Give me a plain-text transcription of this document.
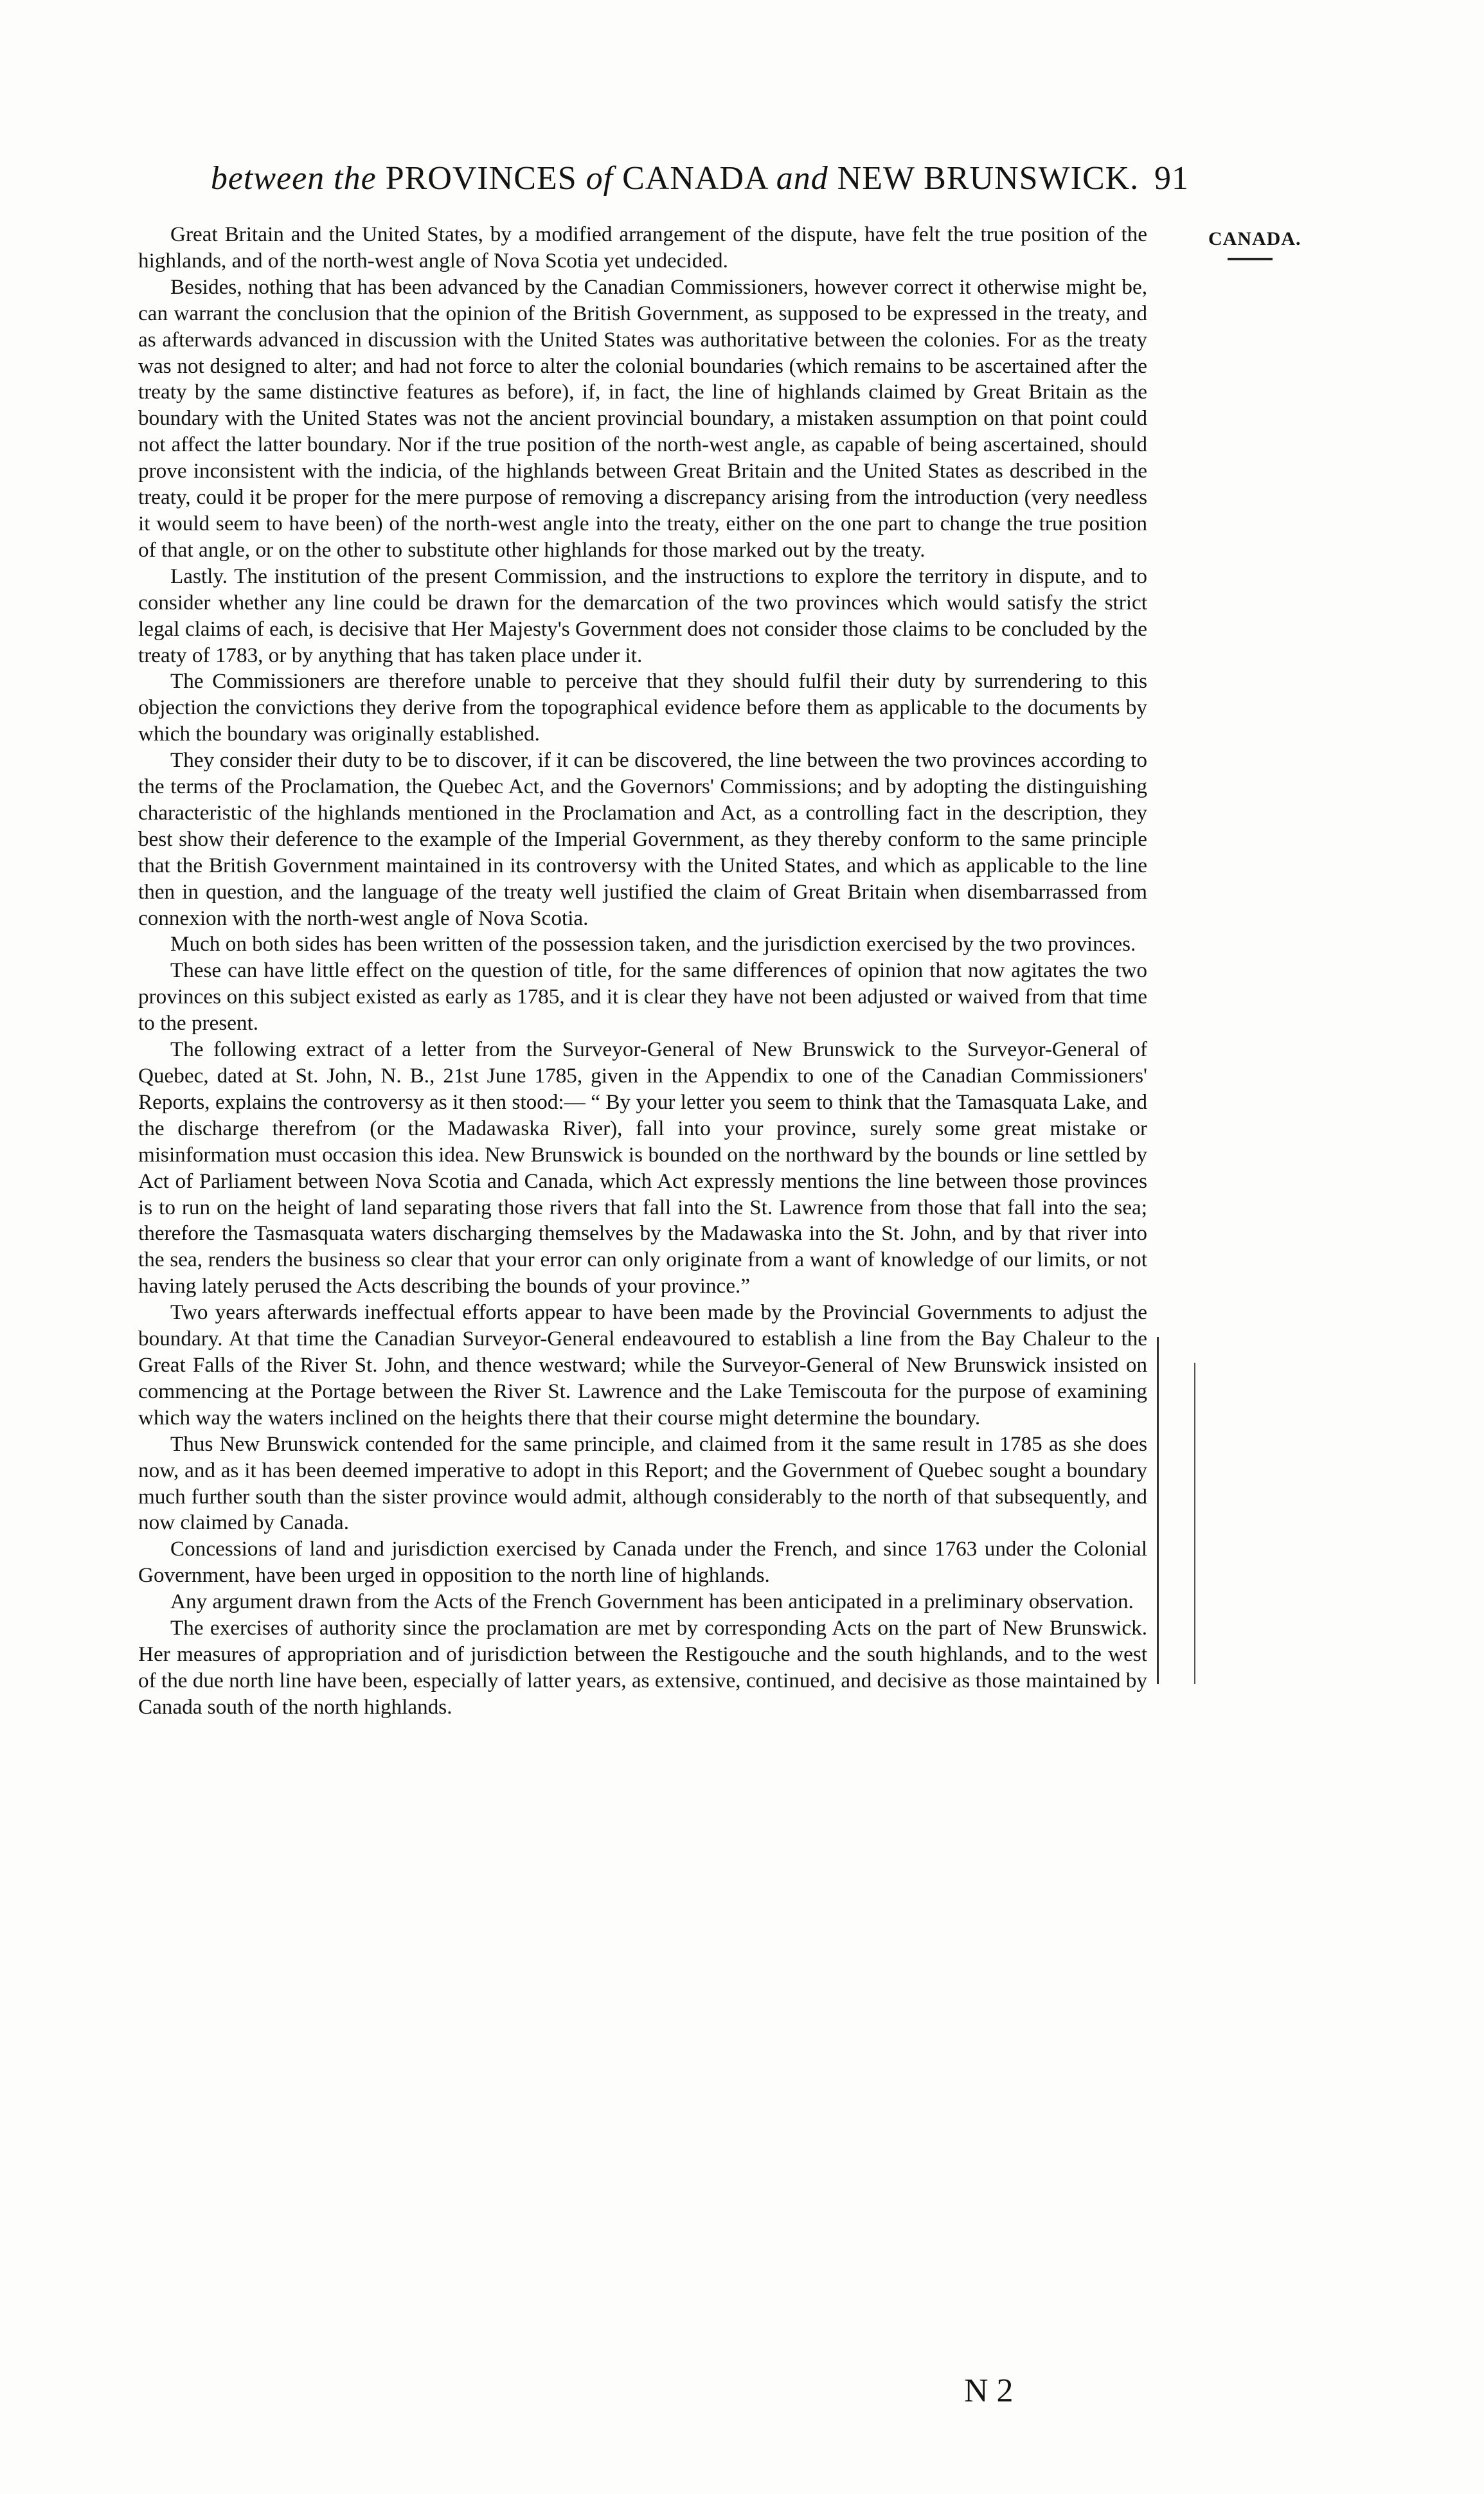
between the PROVINCES of CANADA and NEW BRUNSWICK. 91
CANADA.

Great Britain and the United States, by a modified arrangement of the dispute, have felt the true position of the highlands, and of the north-west angle of Nova Scotia yet undecided.

Besides, nothing that has been advanced by the Canadian Commissioners, however correct it otherwise might be, can warrant the conclusion that the opinion of the British Government, as supposed to be expressed in the treaty, and as afterwards advanced in discussion with the United States was authoritative between the colonies. For as the treaty was not designed to alter; and had not force to alter the colonial boundaries (which remains to be ascertained after the treaty by the same distinctive features as before), if, in fact, the line of highlands claimed by Great Britain as the boundary with the United States was not the ancient provincial boundary, a mistaken assumption on that point could not affect the latter boundary. Nor if the true position of the north-west angle, as capable of being ascertained, should prove inconsistent with the indicia, of the highlands between Great Britain and the United States as described in the treaty, could it be proper for the mere purpose of removing a discrepancy arising from the introduction (very needless it would seem to have been) of the north-west angle into the treaty, either on the one part to change the true position of that angle, or on the other to substitute other highlands for those marked out by the treaty.

Lastly. The institution of the present Commission, and the instructions to explore the territory in dispute, and to consider whether any line could be drawn for the demarcation of the two provinces which would satisfy the strict legal claims of each, is decisive that Her Majesty's Government does not consider those claims to be concluded by the treaty of 1783, or by anything that has taken place under it.

The Commissioners are therefore unable to perceive that they should fulfil their duty by surrendering to this objection the convictions they derive from the topographical evidence before them as applicable to the documents by which the boundary was originally established.

They consider their duty to be to discover, if it can be discovered, the line between the two provinces according to the terms of the Proclamation, the Quebec Act, and the Governors' Commissions; and by adopting the distinguishing characteristic of the highlands mentioned in the Proclamation and Act, as a controlling fact in the description, they best show their deference to the example of the Imperial Government, as they thereby conform to the same principle that the British Government maintained in its controversy with the United States, and which as applicable to the line then in question, and the language of the treaty well justified the claim of Great Britain when disembarrassed from connexion with the north-west angle of Nova Scotia.

Much on both sides has been written of the possession taken, and the jurisdiction exercised by the two provinces.

These can have little effect on the question of title, for the same differences of opinion that now agitates the two provinces on this subject existed as early as 1785, and it is clear they have not been adjusted or waived from that time to the present.

The following extract of a letter from the Surveyor-General of New Brunswick to the Surveyor-General of Quebec, dated at St. John, N. B., 21st June 1785, given in the Appendix to one of the Canadian Commissioners' Reports, explains the controversy as it then stood:— “ By your letter you seem to think that the Tamasquata Lake, and the discharge therefrom (or the Madawaska River), fall into your province, surely some great mistake or misinformation must occasion this idea. New Brunswick is bounded on the northward by the bounds or line settled by Act of Parliament between Nova Scotia and Canada, which Act expressly mentions the line between those provinces is to run on the height of land separating those rivers that fall into the St. Lawrence from those that fall into the sea; therefore the Tasmasquata waters discharging themselves by the Madawaska into the St. John, and by that river into the sea, renders the business so clear that your error can only originate from a want of knowledge of our limits, or not having lately perused the Acts describing the bounds of your province.”

Two years afterwards ineffectual efforts appear to have been made by the Provincial Governments to adjust the boundary. At that time the Canadian Surveyor-General endeavoured to establish a line from the Bay Chaleur to the Great Falls of the River St. John, and thence westward; while the Surveyor-General of New Brunswick insisted on commencing at the Portage between the River St. Lawrence and the Lake Temiscouta for the purpose of examining which way the waters inclined on the heights there that their course might determine the boundary.

Thus New Brunswick contended for the same principle, and claimed from it the same result in 1785 as she does now, and as it has been deemed imperative to adopt in this Report; and the Government of Quebec sought a boundary much further south than the sister province would admit, although considerably to the north of that subsequently, and now claimed by Canada.

Concessions of land and jurisdiction exercised by Canada under the French, and since 1763 under the Colonial Government, have been urged in opposition to the north line of highlands.

Any argument drawn from the Acts of the French Government has been anticipated in a preliminary observation.

The exercises of authority since the proclamation are met by corresponding Acts on the part of New Brunswick. Her measures of appropriation and of jurisdiction between the Restigouche and the south highlands, and to the west of the due north line have been, especially of latter years, as extensive, continued, and decisive as those maintained by Canada south of the north highlands.

N 2
